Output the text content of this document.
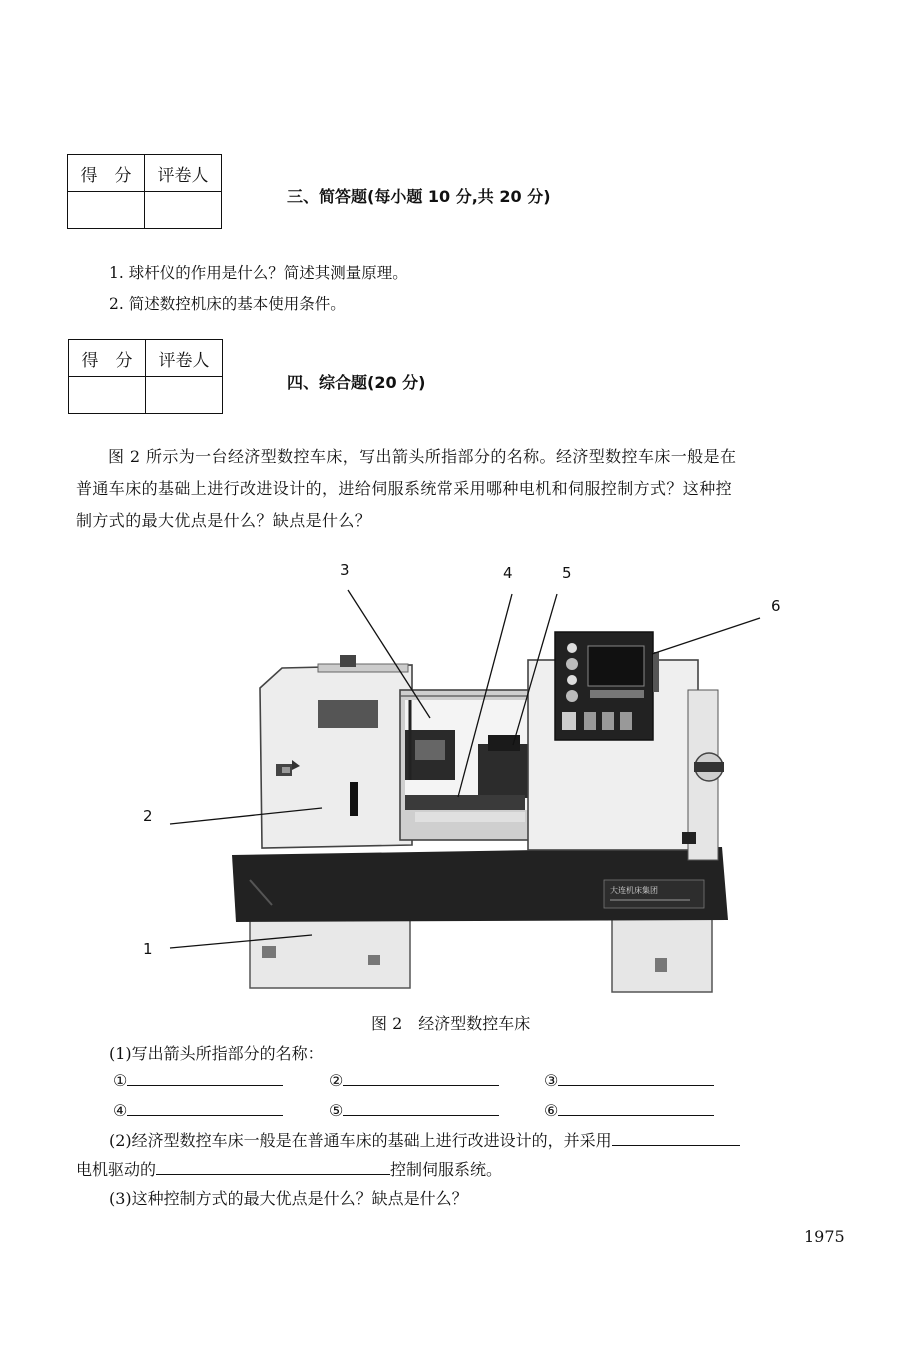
得　分	评卷人

三、简答题(每小题 10 分,共 20 分)
1. 球杆仪的作用是什么？简述其测量原理。
2. 简述数控机床的基本使用条件。
得　分	评卷人

四、综合题(20 分)
图 2 所示为一台经济型数控车床，写出箭头所指部分的名称。经济型数控车床一般是在
普通车床的基础上进行改进设计的，进给伺服系统常采用哪种电机和伺服控制方式？这种控
制方式的最大优点是什么？缺点是什么？
大连机床集团
1
2
3	4	5
6
图 2　经济型数控车床
(1)写出箭头所指部分的名称：
①	②	③
④	⑤	⑥
(2)经济型数控车床一般是在普通车床的基础上进行改进设计的，并采用
电机驱动的	控制伺服系统。
(3)这种控制方式的最大优点是什么？缺点是什么？
1975
